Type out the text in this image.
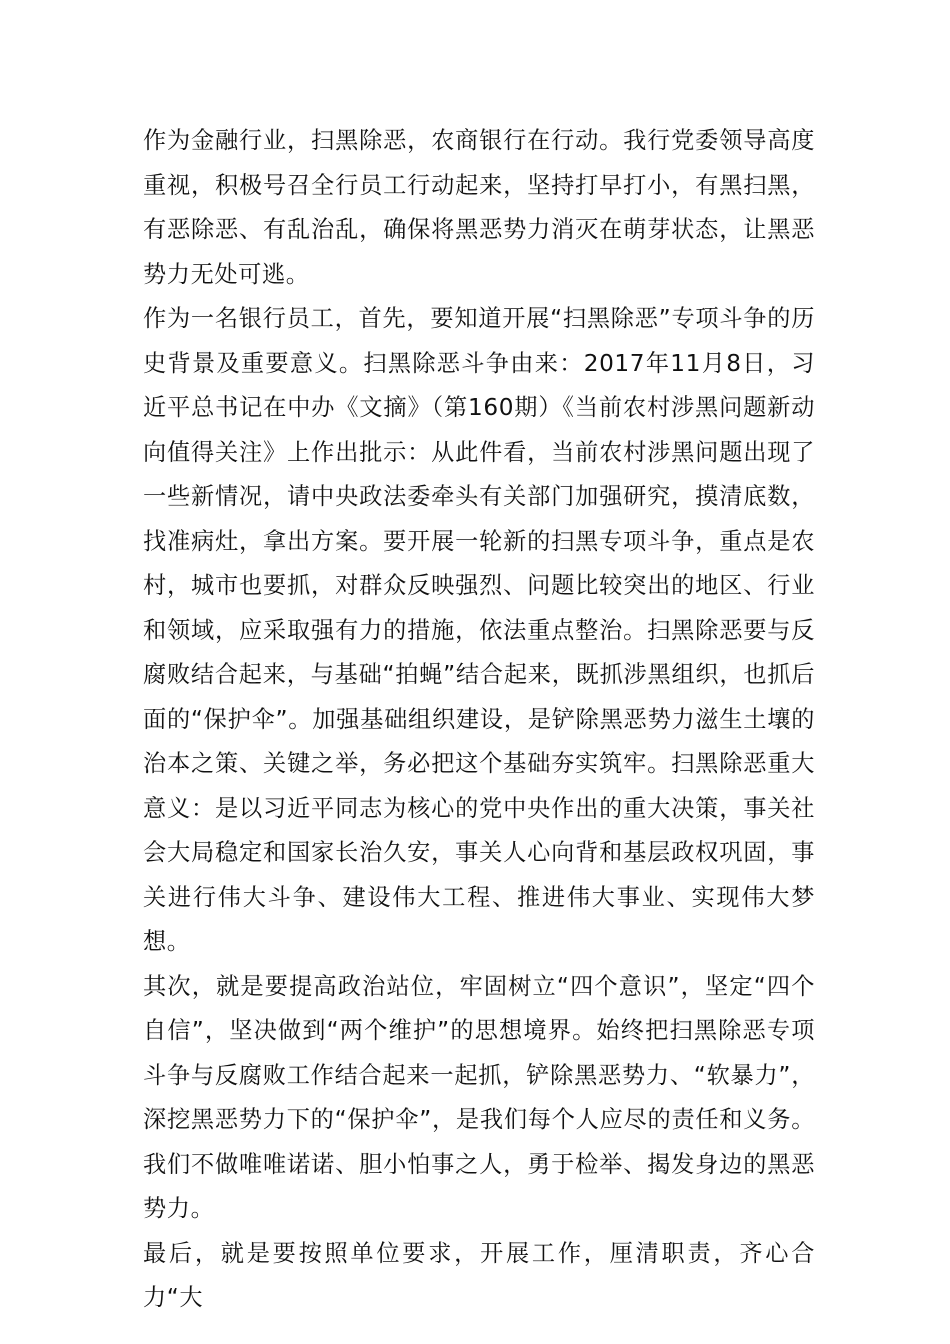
作为金融行业，扫黑除恶，农商银行在行动。我行党委领导高度重视，积极号召全行员工行动起来，坚持打早打小，有黑扫黑，有恶除恶、有乱治乱，确保将黑恶势力消灭在萌芽状态，让黑恶势力无处可逃。

作为一名银行员工，首先，要知道开展“扫黑除恶”专项斗争的历史背景及重要意义。扫黑除恶斗争由来：2017年11月8日，习近平总书记在中办《文摘》（第160期）《当前农村涉黑问题新动向值得关注》上作出批示：从此件看，当前农村涉黑问题出现了一些新情况，请中央政法委牵头有关部门加强研究，摸清底数，找准病灶，拿出方案。要开展一轮新的扫黑专项斗争，重点是农村，城市也要抓，对群众反映强烈、问题比较突出的地区、行业和领域，应采取强有力的措施，依法重点整治。扫黑除恶要与反腐败结合起来，与基础“拍蝇”结合起来，既抓涉黑组织，也抓后面的“保护伞”。加强基础组织建设，是铲除黑恶势力滋生土壤的治本之策、关键之举，务必把这个基础夯实筑牢。扫黑除恶重大意义：是以习近平同志为核心的党中央作出的重大决策，事关社会大局稳定和国家长治久安，事关人心向背和基层政权巩固，事关进行伟大斗争、建设伟大工程、推进伟大事业、实现伟大梦想。

其次，就是要提高政治站位，牢固树立“四个意识”，坚定“四个自信”，坚决做到“两个维护”的思想境界。始终把扫黑除恶专项斗争与反腐败工作结合起来一起抓，铲除黑恶势力、“软暴力”，深挖黑恶势力下的“保护伞”，是我们每个人应尽的责任和义务。我们不做唯唯诺诺、胆小怕事之人，勇于检举、揭发身边的黑恶势力。

最后，就是要按照单位要求，开展工作，厘清职责，齐心合力“大
